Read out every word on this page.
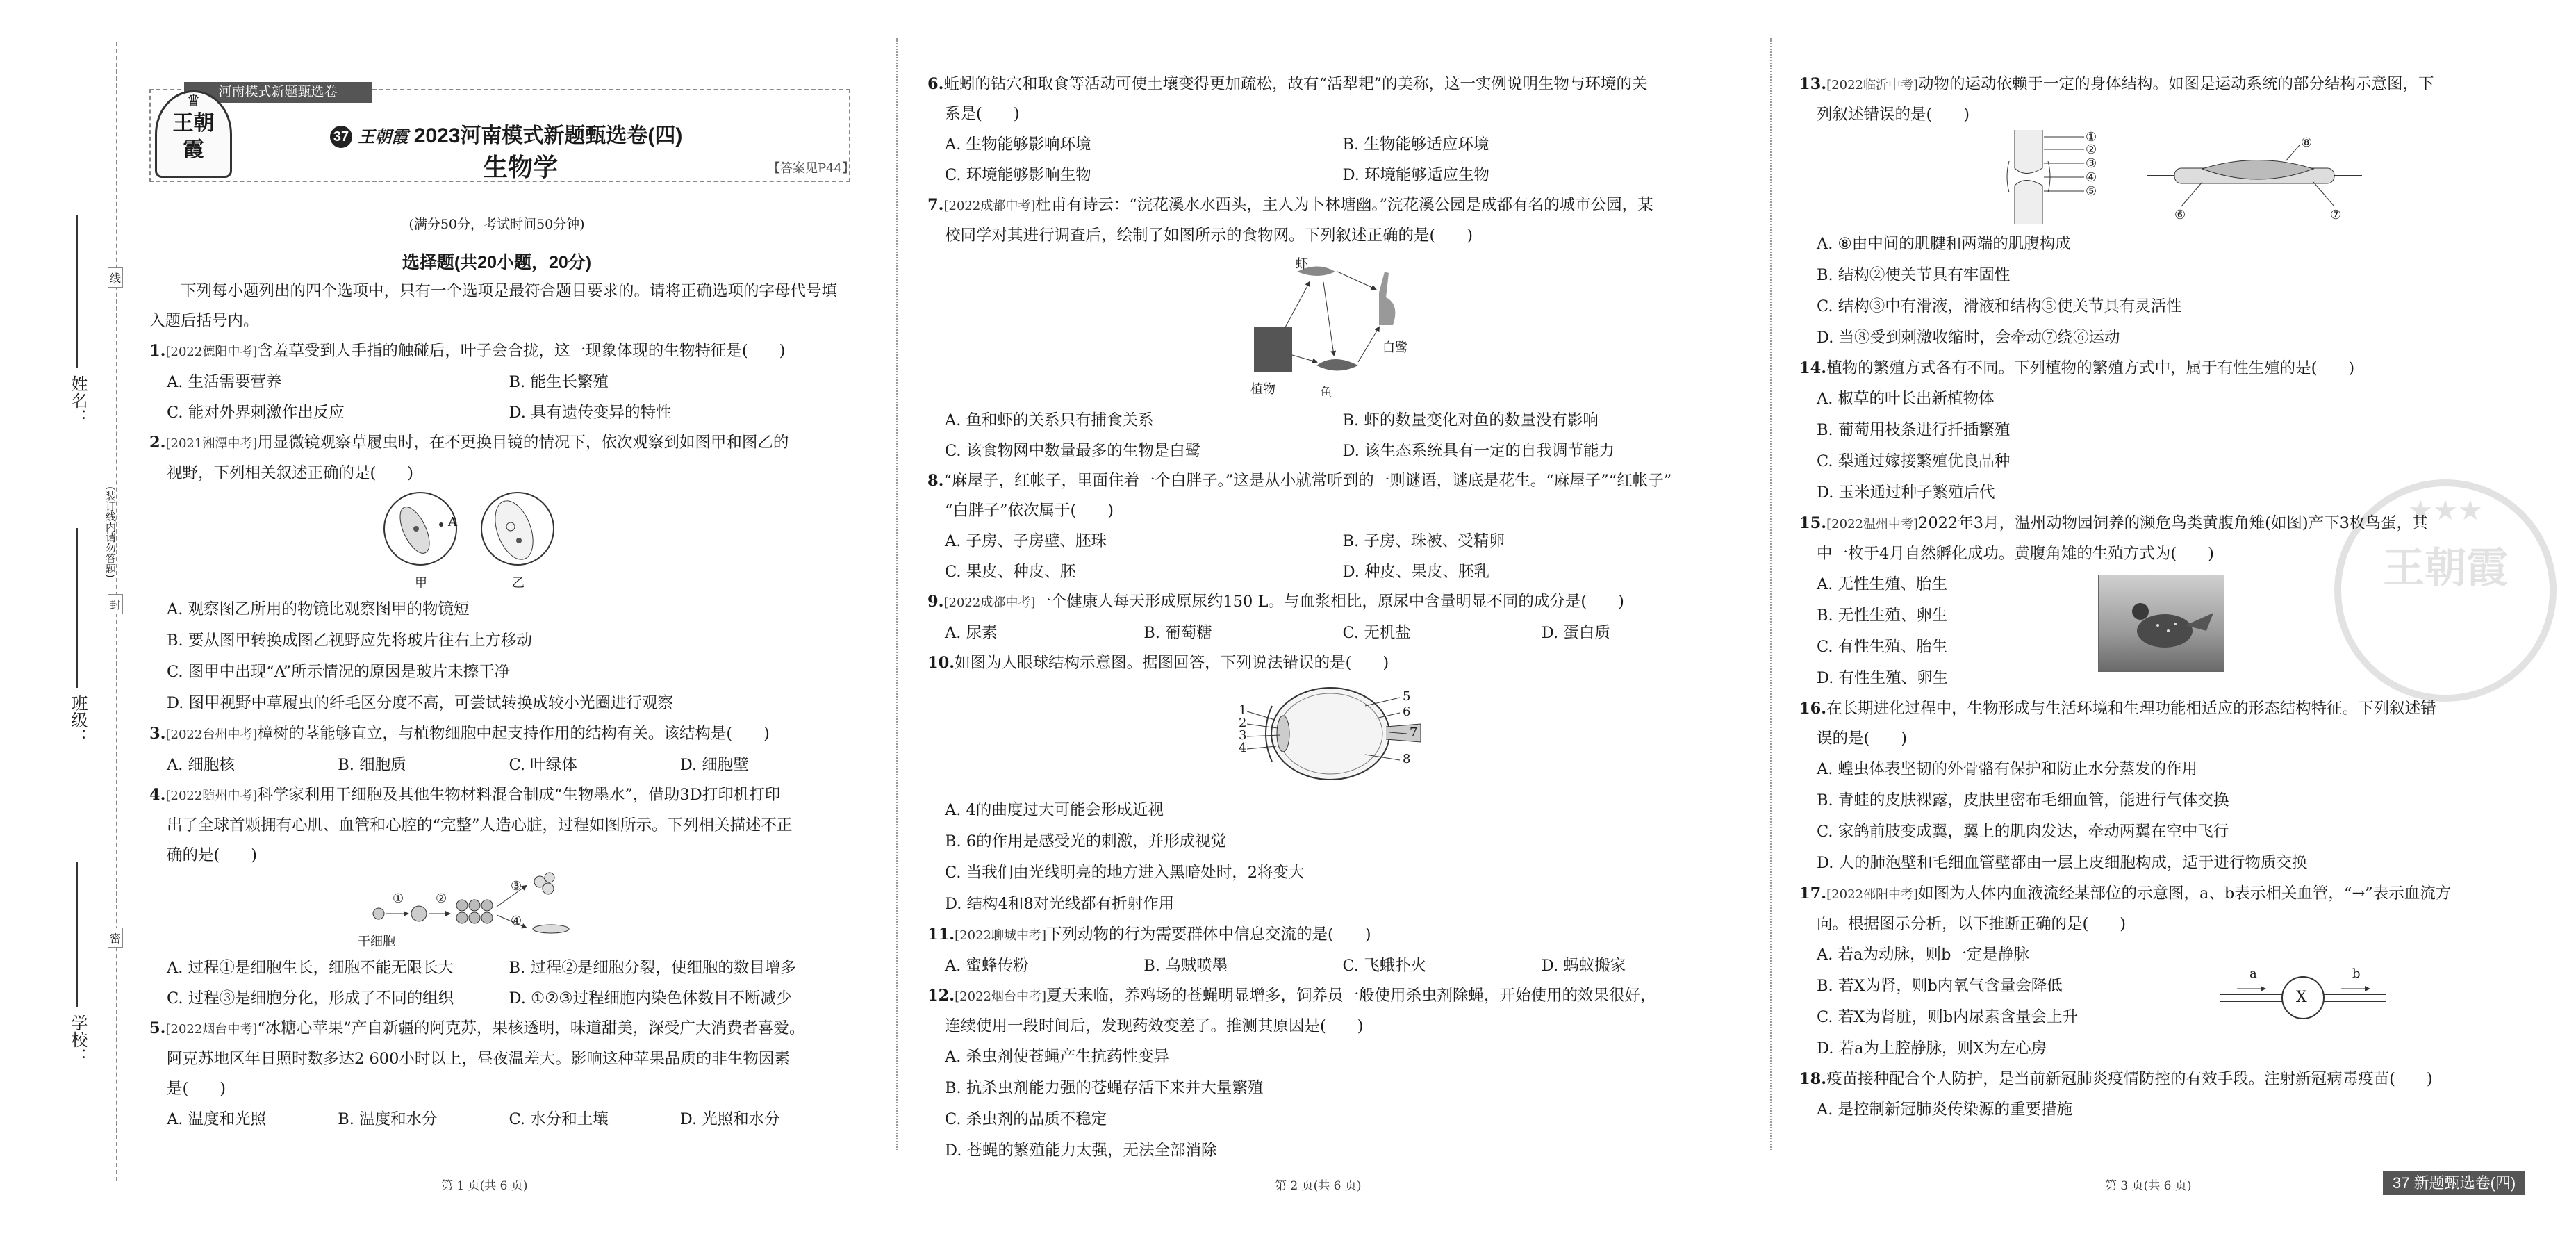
线
封
密
(装订线内请勿答题)
姓名：
班级：
学校：
河南模式新题甄选卷
♛
王朝霞
37 王朝霞 2023河南模式新题甄选卷(四)
生物学	【答案见P44】
(满分50分，考试时间50分钟)
选择题(共20小题，20分)
下列每小题列出的四个选项中，只有一个选项是最符合题目要求的。请将正确选项的字母代号填入题后括号内。
1.[2022德阳中考]含羞草受到人手指的触碰后，叶子会合拢，这一现象体现的生物特征是(　　)
A. 生活需要营养	B. 能生长繁殖
C. 能对外界刺激作出反应	D. 具有遗传变异的特性
2.[2021湘潭中考]用显微镜观察草履虫时，在不更换目镜的情况下，依次观察到如图甲和图乙的
视野，下列相关叙述正确的是(　　)
A
甲	乙
A. 观察图乙所用的物镜比观察图甲的物镜短
B. 要从图甲转换成图乙视野应先将玻片往右上方移动
C. 图甲中出现“A”所示情况的原因是玻片未擦干净
D. 图甲视野中草履虫的纤毛区分度不高，可尝试转换成较小光圈进行观察
3.[2022台州中考]樟树的茎能够直立，与植物细胞中起支持作用的结构有关。该结构是(　　)
A. 细胞核	B. 细胞质	C. 叶绿体	D. 细胞壁
4.[2022随州中考]科学家利用干细胞及其他生物材料混合制成“生物墨水”，借助3D打印机打印
出了全球首颗拥有心肌、血管和心腔的“完整”人造心脏，过程如图所示。下列相关描述不正
确的是(　　)
①	②
③
④
干细胞
A. 过程①是细胞生长，细胞不能无限长大	B. 过程②是细胞分裂，使细胞的数目增多
C. 过程③是细胞分化，形成了不同的组织	D. ①②③过程细胞内染色体数目不断减少
5.[2022烟台中考]“冰糖心苹果”产自新疆的阿克苏，果核透明，味道甜美，深受广大消费者喜爱。
阿克苏地区年日照时数多达2 600小时以上，昼夜温差大。影响这种苹果品质的非生物因素
是(　　)
A. 温度和光照	B. 温度和水分	C. 水分和土壤	D. 光照和水分
第 1 页(共 6 页)
6.蚯蚓的钻穴和取食等活动可使土壤变得更加疏松，故有“活犁耙”的美称，这一实例说明生物与环境的关
系是(　　)
A. 生物能够影响环境	B. 生物能够适应环境
C. 环境能够影响生物	D. 环境能够适应生物
7.[2022成都中考]杜甫有诗云：“浣花溪水水西头，主人为卜林塘幽。”浣花溪公园是成都有名的城市公园，某
校同学对其进行调查后，绘制了如图所示的食物网。下列叙述正确的是(　　)
虾
白鹭
植物	鱼
A. 鱼和虾的关系只有捕食关系	B. 虾的数量变化对鱼的数量没有影响
C. 该食物网中数量最多的生物是白鹭	D. 该生态系统具有一定的自我调节能力
8.“麻屋子，红帐子，里面住着一个白胖子。”这是从小就常听到的一则谜语，谜底是花生。“麻屋子”“红帐子”
“白胖子”依次属于(　　)
A. 子房、子房壁、胚珠	B. 子房、珠被、受精卵
C. 果皮、种皮、胚	D. 种皮、果皮、胚乳
9.[2022成都中考]一个健康人每天形成原尿约150 L。与血浆相比，原尿中含量明显不同的成分是(　　)
A. 尿素	B. 葡萄糖	C. 无机盐	D. 蛋白质
10.如图为人眼球结构示意图。据图回答，下列说法错误的是(　　)
1
2
3
4
5
6
7
8
A. 4的曲度过大可能会形成近视
B. 6的作用是感受光的刺激，并形成视觉
C. 当我们由光线明亮的地方进入黑暗处时，2将变大
D. 结构4和8对光线都有折射作用
11.[2022聊城中考]下列动物的行为需要群体中信息交流的是(　　)
A. 蜜蜂传粉	B. 乌贼喷墨	C. 飞蛾扑火	D. 蚂蚁搬家
12.[2022烟台中考]夏天来临，养鸡场的苍蝇明显增多，饲养员一般使用杀虫剂除蝇，开始使用的效果很好，
连续使用一段时间后，发现药效变差了。推测其原因是(　　)
A. 杀虫剂使苍蝇产生抗药性变异
B. 抗杀虫剂能力强的苍蝇存活下来并大量繁殖
C. 杀虫剂的品质不稳定
D. 苍蝇的繁殖能力太强，无法全部消除
第 2 页(共 6 页)
★★★
王朝霞
13.[2022临沂中考]动物的运动依赖于一定的身体结构。如图是运动系统的部分结构示意图，下
列叙述错误的是(　　)
①
②
③
④
⑤
⑥	⑦
⑧
A. ⑧由中间的肌腱和两端的肌腹构成
B. 结构②使关节具有牢固性
C. 结构③中有滑液，滑液和结构⑤使关节具有灵活性
D. 当⑧受到刺激收缩时，会牵动⑦绕⑥运动
14.植物的繁殖方式各有不同。下列植物的繁殖方式中，属于有性生殖的是(　　)
A. 椒草的叶长出新植物体
B. 葡萄用枝条进行扦插繁殖
C. 梨通过嫁接繁殖优良品种
D. 玉米通过种子繁殖后代
15.[2022温州中考]2022年3月，温州动物园饲养的濒危鸟类黄腹角雉(如图)产下3枚鸟蛋，其
中一枚于4月自然孵化成功。黄腹角雉的生殖方式为(　　)
A. 无性生殖、胎生
B. 无性生殖、卵生
C. 有性生殖、胎生
D. 有性生殖、卵生
16.在长期进化过程中，生物形成与生活环境和生理功能相适应的形态结构特征。下列叙述错
误的是(　　)
A. 蝗虫体表坚韧的外骨骼有保护和防止水分蒸发的作用
B. 青蛙的皮肤裸露，皮肤里密布毛细血管，能进行气体交换
C. 家鸽前肢变成翼，翼上的肌肉发达，牵动两翼在空中飞行
D. 人的肺泡壁和毛细血管壁都由一层上皮细胞构成，适于进行物质交换
17.[2022邵阳中考]如图为人体内血液流经某部位的示意图，a、b表示相关血管，“→”表示血流方
向。根据图示分析，以下推断正确的是(　　)
A. 若a为动脉，则b一定是静脉
B. 若X为肾，则b内氧气含量会降低
C. 若X为肾脏，则b内尿素含量会上升
D. 若a为上腔静脉，则X为左心房
a	b
X
18.疫苗接种配合个人防护，是当前新冠肺炎疫情防控的有效手段。注射新冠病毒疫苗(　　)
A. 是控制新冠肺炎传染源的重要措施
第 3 页(共 6 页)	37 新题甄选卷(四)
